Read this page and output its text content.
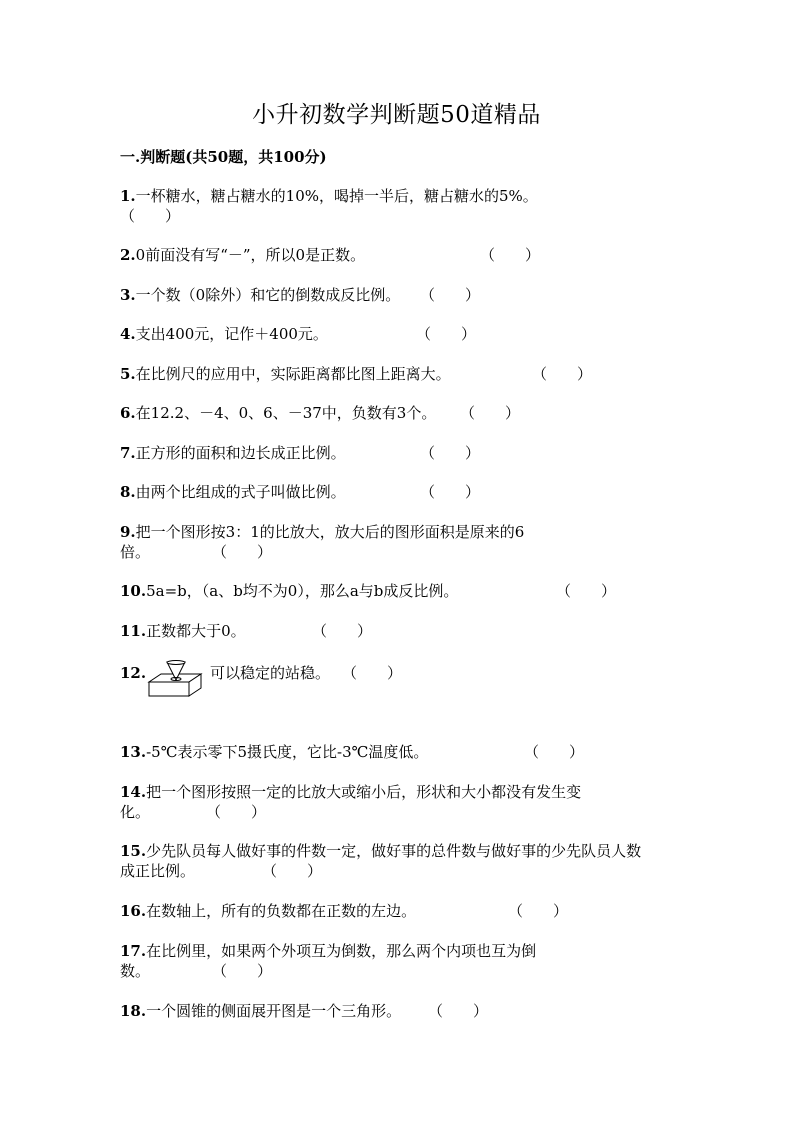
小升初数学判断题50道精品
一.判断题(共50题，共100分)
1.一杯糖水，糖占糖水的10%，喝掉一半后，糖占糖水的5%。
（　　）
2.0前面没有写“－”，所以0是正数。	（　　）
3.一个数（0除外）和它的倒数成反比例。 （　　）
4.支出400元，记作＋400元。	（　　）
5.在比例尺的应用中，实际距离都比图上距离大。	（　　）
6.在12.2、－4、0、6、－37中，负数有3个。 （　　）
7.正方形的面积和边长成正比例。	（　　）
8.由两个比组成的式子叫做比例。	（　　）
9.把一个图形按3：1的比放大，放大后的图形面积是原来的6
倍。	（　　）
10.5a=b，（a、b均不为0），那么a与b成反比例。	（　　）
11.正数都大于0。	（　　）
12.	可以稳定的站稳。 （　　）
13.-5℃表示零下5摄氏度，它比-3℃温度低。	（　　）
14.把一个图形按照一定的比放大或缩小后，形状和大小都没有发生变
化。	（　　）
15.少先队员每人做好事的件数一定，做好事的总件数与做好事的少先队员人数
成正比例。	（　　）
16.在数轴上，所有的负数都在正数的左边。	（　　）
17.在比例里，如果两个外项互为倒数，那么两个内项也互为倒
数。	（　　）
18.一个圆锥的侧面展开图是一个三角形。 （　　）
